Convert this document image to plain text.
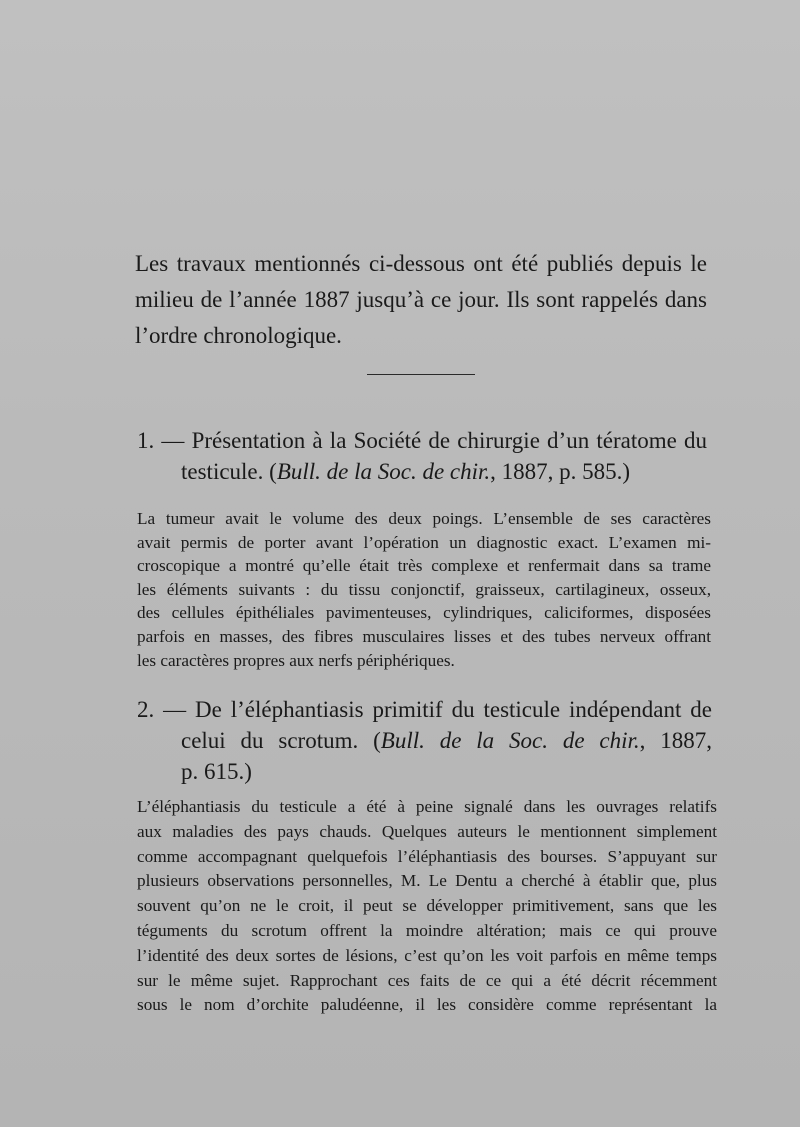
Les travaux mentionnés ci-dessous ont été publiés depuis le
milieu de l’année 1887 jusqu’à ce jour. Ils sont rappelés dans
l’ordre chronologique.

1. — Présentation à la Société de chirurgie d’un tératome du
testicule. (Bull. de la Soc. de chir., 1887, p. 585.)

La tumeur avait le volume des deux poings. L’ensemble de ses caractères
avait permis de porter avant l’opération un diagnostic exact. L’examen mi-
croscopique a montré qu’elle était très complexe et renfermait dans sa trame
les éléments suivants : du tissu conjonctif, graisseux, cartilagineux, osseux,
des cellules épithéliales pavimenteuses, cylindriques, caliciformes, disposées
parfois en masses, des fibres musculaires lisses et des tubes nerveux offrant
les caractères propres aux nerfs périphériques.

2. — De l’éléphantiasis primitif du testicule indépendant de
celui du scrotum. (Bull. de la Soc. de chir., 1887,
p. 615.)

L’éléphantiasis du testicule a été à peine signalé dans les ouvrages relatifs
aux maladies des pays chauds. Quelques auteurs le mentionnent simplement
comme accompagnant quelquefois l’éléphantiasis des bourses. S’appuyant sur
plusieurs observations personnelles, M. Le Dentu a cherché à établir que, plus
souvent qu’on ne le croit, il peut se développer primitivement, sans que les
téguments du scrotum offrent la moindre altération; mais ce qui prouve
l’identité des deux sortes de lésions, c’est qu’on les voit parfois en même temps
sur le même sujet. Rapprochant ces faits de ce qui a été décrit récemment
sous le nom d’orchite paludéenne, il les considère comme représentant la
